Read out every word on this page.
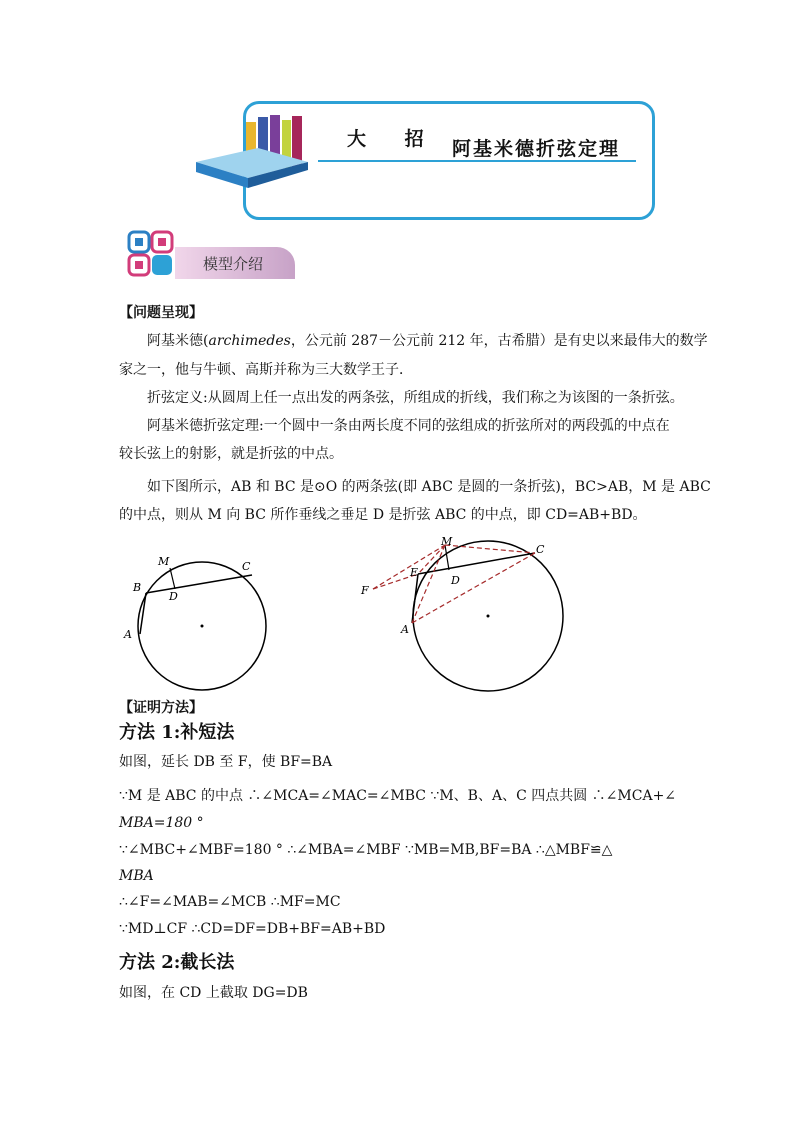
大 招 阿基米德折弦定理
模型介绍
【问题呈现】
阿基米德(archimedes，公元前 287－公元前 212 年，古希腊）是有史以来最伟大的数学
家之一，他与牛顿、高斯并称为三大数学王子．
折弦定义:从圆周上任一点出发的两条弦，所组成的折线，我们称之为该图的一条折弦。
阿基米德折弦定理:一个圆中一条由两长度不同的弦组成的折弦所对的两段弧的中点在
较长弦上的射影，就是折弦的中点。
如下图所示，AB 和 BC 是⊙O 的两条弦(即 ABC 是圆的一条折弦)，BC>AB，M 是 ABC
的中点，则从 M 向 BC 所作垂线之垂足 D 是折弦 ABC 的中点，即 CD=AB+BD。
M	C
B
D
A
M
C
E
D
F
A
【证明方法】
方法 1:补短法
如图，延长 DB 至 F，使 BF=BA
∵M 是 ABC 的中点 ∴∠MCA=∠MAC=∠MBC ∵M、B、A、C 四点共圆 ∴∠MCA+∠
MBA=180 °
∵∠MBC+∠MBF=180 ° ∴∠MBA=∠MBF ∵MB=MB,BF=BA ∴△MBF≌△
MBA
∴∠F=∠MAB=∠MCB ∴MF=MC
∵MD⊥CF ∴CD=DF=DB+BF=AB+BD
方法 2:截长法
如图，在 CD 上截取 DG=DB
